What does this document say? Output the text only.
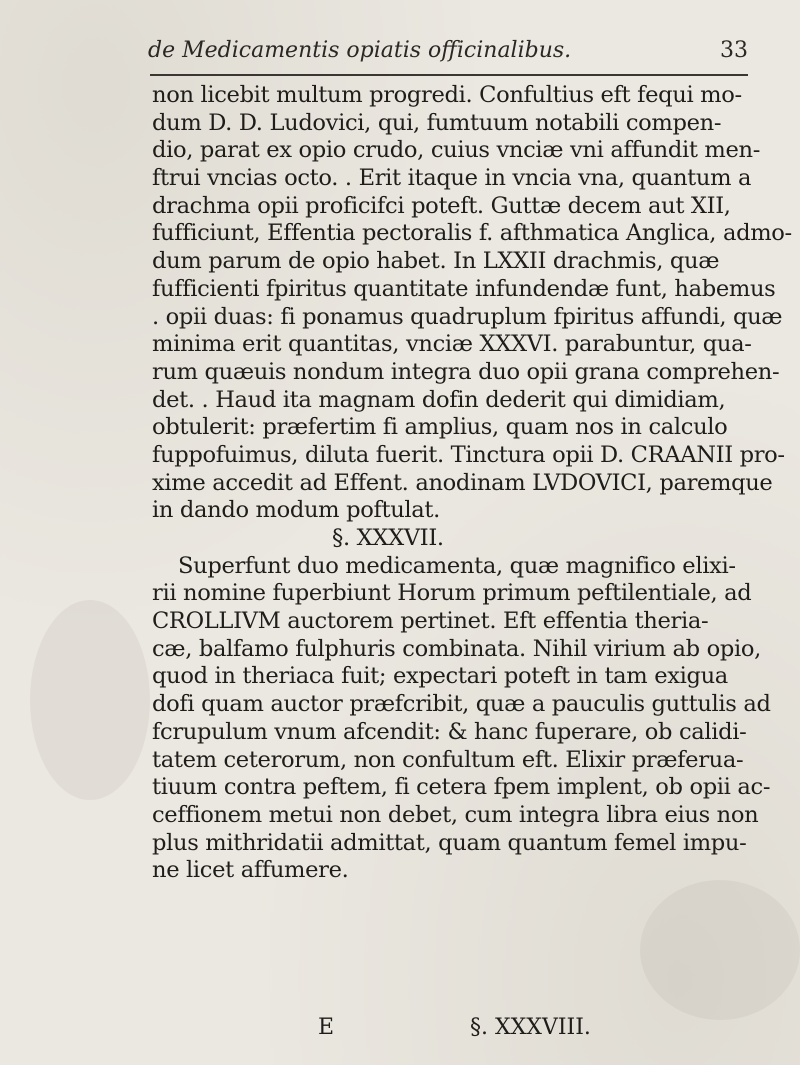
de Medicamentis opiatis officinalibus.	33
non licebit multum progredi. Confultius eft fequi mo-
dum D. D. Ludovici, qui, fumtuum notabili compen-
dio, parat ex opio crudo, cuius vnciæ vni affundit men-
ftrui vncias octo. . Erit itaque in vncia vna, quantum a
drachma opii proficifci poteft. Guttæ decem aut XII,
fufficiunt, Effentia pectoralis f. afthmatica Anglica, admo-
dum parum de opio habet. In LXXII drachmis, quæ
fufficienti fpiritus quantitate infundendæ funt, habemus
. opii duas: fi ponamus quadruplum fpiritus affundi, quæ
minima erit quantitas, vnciæ XXXVI. parabuntur, qua-
rum quæuis nondum integra duo opii grana comprehen-
det. . Haud ita magnam dofin dederit qui dimidiam,
obtulerit: præfertim fi amplius, quam nos in calculo
fuppofuimus, diluta fuerit. Tinctura opii D. CRAANII pro-
xime accedit ad Effent. anodinam LVDOVICI, paremque
in dando modum poftulat.
§. XXXVII.
Superfunt duo medicamenta, quæ magnifico elixi-
rii nomine fuperbiunt Horum primum peftilentiale, ad
CROLLIVM auctorem pertinet. Eft effentia theria-
cæ, balfamo fulphuris combinata. Nihil virium ab opio,
quod in theriaca fuit; expectari poteft in tam exigua
dofi quam auctor præfcribit, quæ a pauculis guttulis ad
fcrupulum vnum afcendit: & hanc fuperare, ob calidi-
tatem ceterorum, non confultum eft. Elixir præferua-
tiuum contra peftem, fi cetera fpem implent, ob opii ac-
ceffionem metui non debet, cum integra libra eius non
plus mithridatii admittat, quam quantum femel impu-
ne licet affumere.
E	§. XXXVIII.
